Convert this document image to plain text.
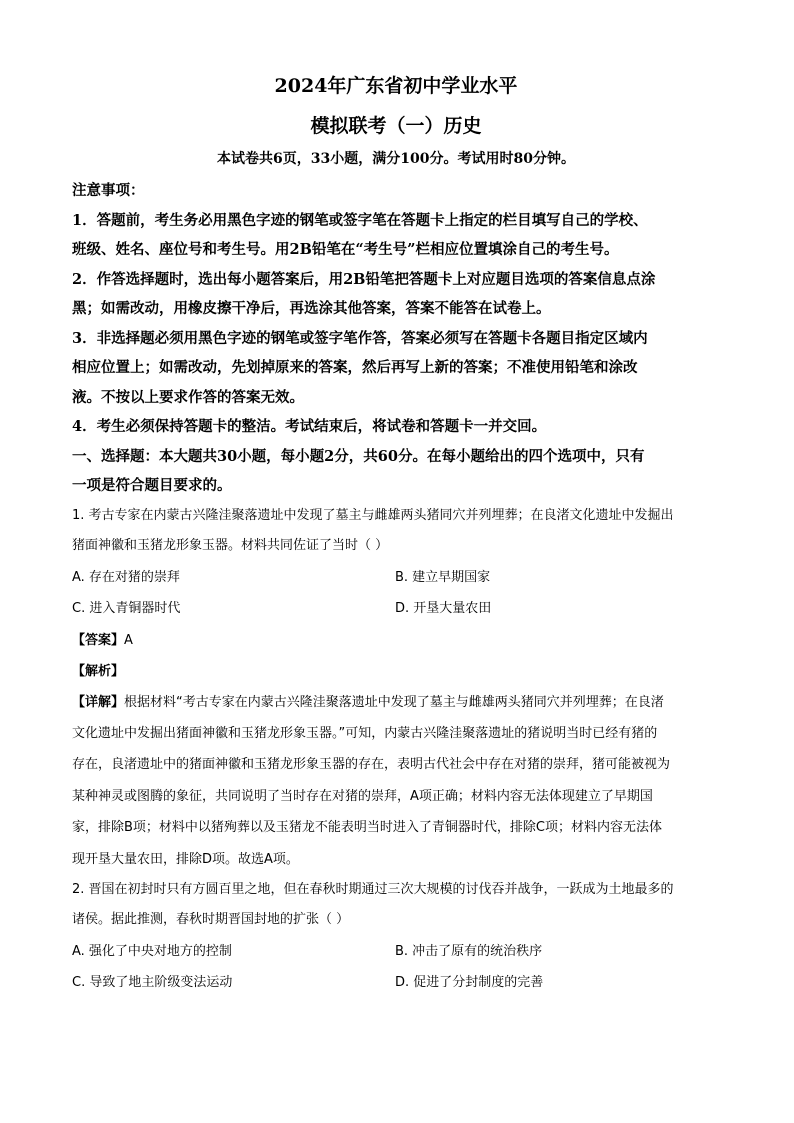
2024年广东省初中学业水平
模拟联考（一）历史

本试卷共6页，33小题，满分100分。考试用时80分钟。

注意事项：

1．答题前，考生务必用黑色字迹的钢笔或签字笔在答题卡上指定的栏目填写自己的学校、

班级、姓名、座位号和考生号。用2B铅笔在“考生号”栏相应位置填涂自己的考生号。

2．作答选择题时，选出每小题答案后，用2B铅笔把答题卡上对应题目选项的答案信息点涂

黑；如需改动，用橡皮擦干净后，再选涂其他答案，答案不能答在试卷上。

3．非选择题必须用黑色字迹的钢笔或签字笔作答，答案必须写在答题卡各题目指定区域内

相应位置上；如需改动，先划掉原来的答案，然后再写上新的答案；不准使用铅笔和涂改

液。不按以上要求作答的答案无效。

4．考生必须保持答题卡的整洁。考试结束后，将试卷和答题卡一并交回。

一、选择题：本大题共30小题，每小题2分，共60分。在每小题给出的四个选项中，只有

一项是符合题目要求的。

1. 考古专家在内蒙古兴隆洼聚落遗址中发现了墓主与雌雄两头猪同穴并列埋葬；在良渚文化遗址中发掘出

猪面神徽和玉猪龙形象玉器。材料共同佐证了当时（ ）

A. 存在对猪的崇拜	B. 建立早期国家
C. 进入青铜器时代	D. 开垦大量农田

【答案】A

【解析】

【详解】根据材料“考古专家在内蒙古兴隆洼聚落遗址中发现了墓主与雌雄两头猪同穴并列埋葬；在良渚

文化遗址中发掘出猪面神徽和玉猪龙形象玉器。”可知，内蒙古兴隆洼聚落遗址的猪说明当时已经有猪的

存在，良渚遗址中的猪面神徽和玉猪龙形象玉器的存在，表明古代社会中存在对猪的崇拜，猪可能被视为

某种神灵或图腾的象征，共同说明了当时存在对猪的崇拜，A项正确；材料内容无法体现建立了早期国

家，排除B项；材料中以猪殉葬以及玉猪龙不能表明当时进入了青铜器时代，排除C项；材料内容无法体

现开垦大量农田，排除D项。故选A项。

2. 晋国在初封时只有方圆百里之地，但在春秋时期通过三次大规模的讨伐吞并战争，一跃成为土地最多的

诸侯。据此推测，春秋时期晋国封地的扩张（ ）

A. 强化了中央对地方的控制	B. 冲击了原有的统治秩序
C. 导致了地主阶级变法运动	D. 促进了分封制度的完善
